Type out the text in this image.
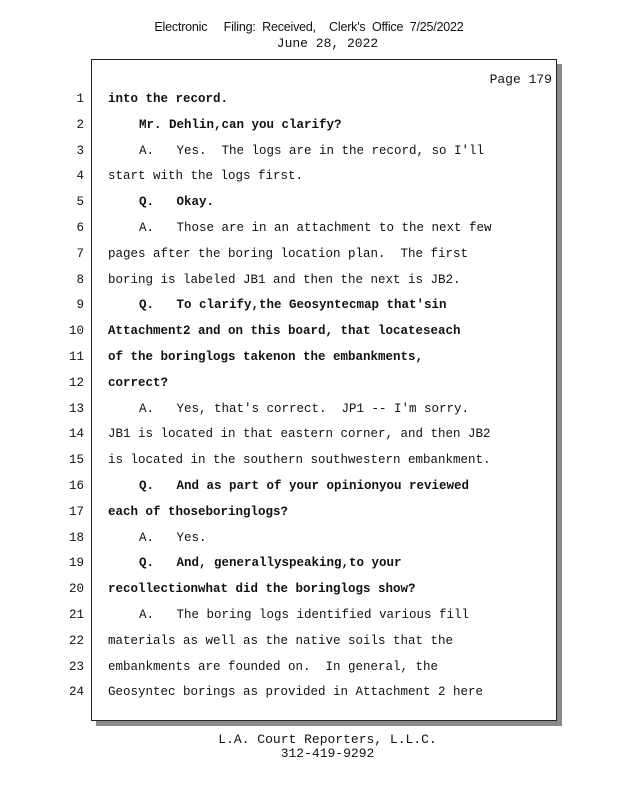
Electronic     Filing:  Received,    Clerk's  Office  7/25/2022
June 28, 2022
Page 179
1 into the record.
2	Mr. Dehlin,can you clarify?
3	A.   Yes.  The logs are in the record, so I'll
4 start with the logs first.
5	Q.   Okay.
6	A.   Those are in an attachment to the next few
7 pages after the boring location plan.  The first
8 boring is labeled JB1 and then the next is JB2.
9	Q.   To clarify,the Geosyntecmap that'sin
10 Attachment2 and on this board, that locateseach
11 of the boringlogs takenon the embankments,
12 correct?
13	A.   Yes, that's correct.  JP1 -- I'm sorry.
14 JB1 is located in that eastern corner, and then JB2
15 is located in the southern southwestern embankment.
16	Q.   And as part of your opinionyou reviewed
17 each of thoseboringlogs?
18	A.   Yes.
19	Q.   And, generallyspeaking,to your
20 recollectionwhat did the boringlogs show?
21	A.   The boring logs identified various fill
22 materials as well as the native soils that the
23 embankments are founded on.  In general, the
24 Geosyntec borings as provided in Attachment 2 here
L.A. Court Reporters, L.L.C.
312-419-9292
